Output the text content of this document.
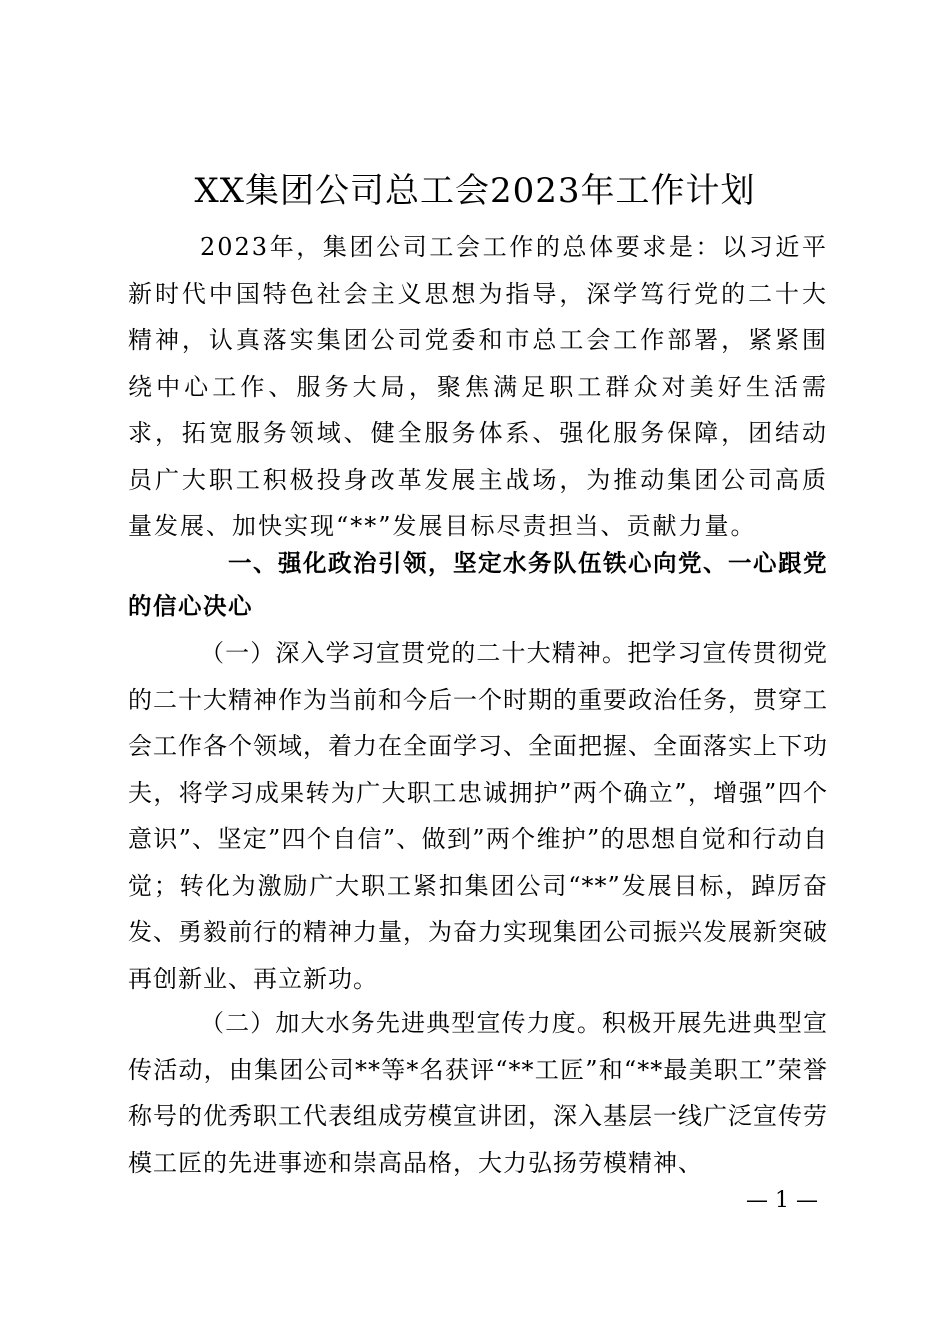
XX集团公司总工会2023年工作计划

2023年，集团公司工会工作的总体要求是：以习近平新时代中国特色社会主义思想为指导，深学笃行党的二十大精神，认真落实集团公司党委和市总工会工作部署，紧紧围绕中心工作、服务大局，聚焦满足职工群众对美好生活需求，拓宽服务领域、健全服务体系、强化服务保障，团结动员广大职工积极投身改革发展主战场，为推动集团公司高质量发展、加快实现“**”发展目标尽责担当、贡献力量。

一、强化政治引领，坚定水务队伍铁心向党、一心跟党的信心决心

（一）深入学习宣贯党的二十大精神。把学习宣传贯彻党的二十大精神作为当前和今后一个时期的重要政治任务，贯穿工会工作各个领域，着力在全面学习、全面把握、全面落实上下功夫，将学习成果转为广大职工忠诚拥护”两个确立”，增强”四个意识”、坚定”四个自信”、做到”两个维护”的思想自觉和行动自觉；转化为激励广大职工紧扣集团公司“**”发展目标，踔厉奋发、勇毅前行的精神力量，为奋力实现集团公司振兴发展新突破再创新业、再立新功。

（二）加大水务先进典型宣传力度。积极开展先进典型宣传活动，由集团公司**等*名获评“**工匠”和“**最美职工”荣誉称号的优秀职工代表组成劳模宣讲团，深入基层一线广泛宣传劳模工匠的先进事迹和崇高品格，大力弘扬劳模精神、

— 1 —
